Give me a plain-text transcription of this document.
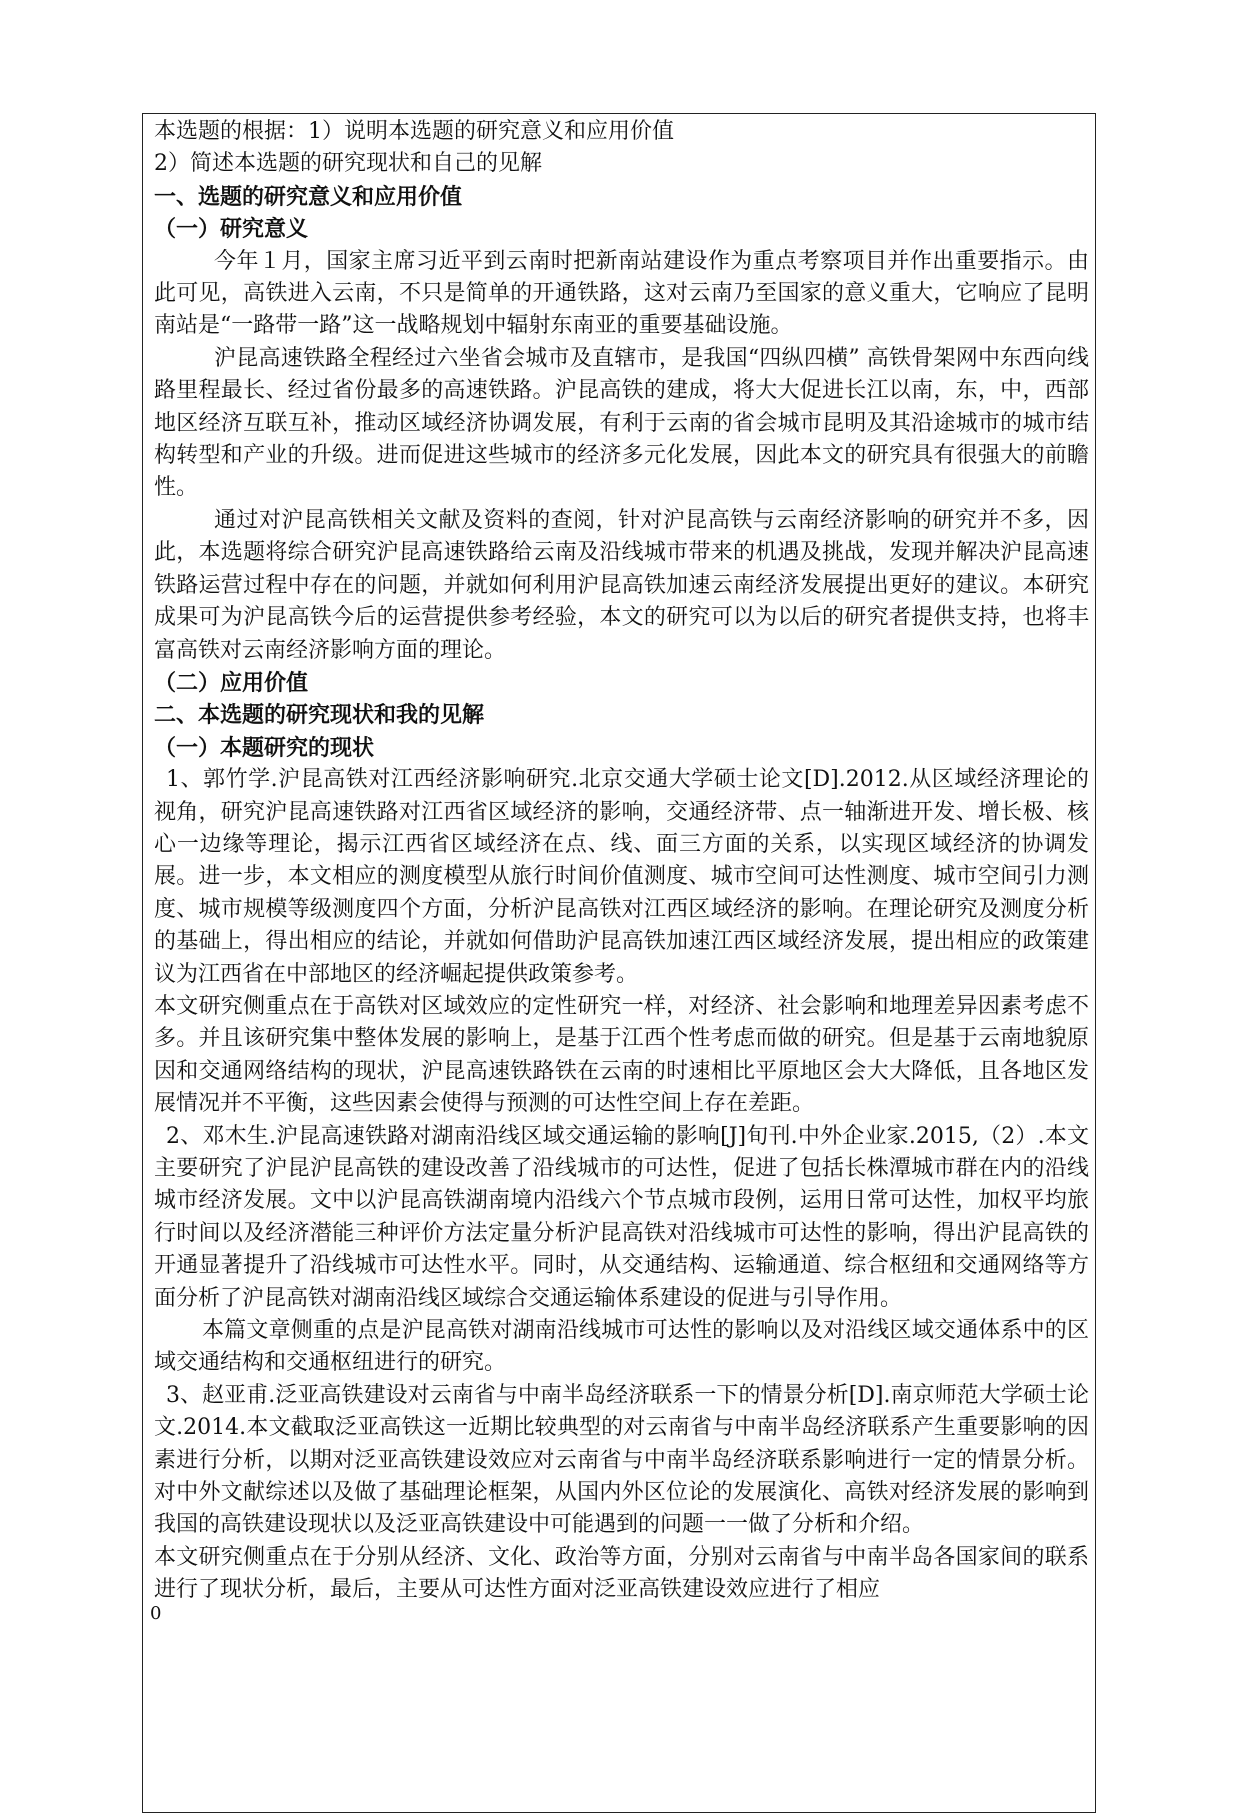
本选题的根据：1）说明本选题的研究意义和应用价值

2）简述本选题的研究现状和自己的见解

一、选题的研究意义和应用价值

（一）研究意义

今年１月，国家主席习近平到云南时把新南站建设作为重点考察项目并作出重要指示。由此可见，高铁进入云南，不只是简单的开通铁路，这对云南乃至国家的意义重大，它响应了昆明南站是“一路带一路”这一战略规划中辐射东南亚的重要基础设施。

沪昆高速铁路全程经过六坐省会城市及直辖市，是我国“四纵四横” 高铁骨架网中东西向线路里程最长、经过省份最多的高速铁路。沪昆高铁的建成，将大大促进长江以南，东，中，西部地区经济互联互补，推动区域经济协调发展，有利于云南的省会城市昆明及其沿途城市的城市结构转型和产业的升级。进而促进这些城市的经济多元化发展，因此本文的研究具有很强大的前瞻性。

通过对沪昆高铁相关文献及资料的查阅，针对沪昆高铁与云南经济影响的研究并不多，因此，本选题将综合研究沪昆高速铁路给云南及沿线城市带来的机遇及挑战，发现并解决沪昆高速铁路运营过程中存在的问题，并就如何利用沪昆高铁加速云南经济发展提出更好的建议。本研究成果可为沪昆高铁今后的运营提供参考经验，本文的研究可以为以后的研究者提供支持，也将丰富高铁对云南经济影响方面的理论。

（二）应用价值

二、本选题的研究现状和我的见解

（一）本题研究的现状

1、郭竹学.沪昆高铁对江西经济影响研究.北京交通大学硕士论文[D].2012.从区域经济理论的视角，研究沪昆高速铁路对江西省区域经济的影响，交通经济带、点一轴渐进开发、增长极、核心一边缘等理论，揭示江西省区域经济在点、线、面三方面的关系，以实现区域经济的协调发展。进一步，本文相应的测度模型从旅行时间价值测度、城市空间可达性测度、城市空间引力测度、城市规模等级测度四个方面，分析沪昆高铁对江西区域经济的影响。在理论研究及测度分析的基础上，得出相应的结论，并就如何借助沪昆高铁加速江西区域经济发展，提出相应的政策建议为江西省在中部地区的经济崛起提供政策参考。

本文研究侧重点在于高铁对区域效应的定性研究一样，对经济、社会影响和地理差异因素考虑不多。并且该研究集中整体发展的影响上，是基于江西个性考虑而做的研究。但是基于云南地貌原因和交通网络结构的现状，沪昆高速铁路铁在云南的时速相比平原地区会大大降低，且各地区发展情况并不平衡，这些因素会使得与预测的可达性空间上存在差距。

2、邓木生.沪昆高速铁路对湖南沿线区域交通运输的影响[J]旬刊.中外企业家.2015,（2）.本文主要研究了沪昆沪昆高铁的建设改善了沿线城市的可达性，促进了包括长株潭城市群在内的沿线城市经济发展。文中以沪昆高铁湖南境内沿线六个节点城市段例，运用日常可达性，加权平均旅行时间以及经济潜能三种评价方法定量分析沪昆高铁对沿线城市可达性的影响，得出沪昆高铁的开通显著提升了沿线城市可达性水平。同时，从交通结构、运输通道、综合枢纽和交通网络等方面分析了沪昆高铁对湖南沿线区域综合交通运输体系建设的促进与引导作用。

本篇文章侧重的点是沪昆高铁对湖南沿线城市可达性的影响以及对沿线区域交通体系中的区域交通结构和交通枢纽进行的研究。

3、赵亚甫.泛亚高铁建设对云南省与中南半岛经济联系一下的情景分析[D].南京师范大学硕士论文.2014.本文截取泛亚高铁这一近期比较典型的对云南省与中南半岛经济联系产生重要影响的因素进行分析，以期对泛亚高铁建设效应对云南省与中南半岛经济联系影响进行一定的情景分析。对中外文献综述以及做了基础理论框架，从国内外区位论的发展演化、高铁对经济发展的影响到我国的高铁建设现状以及泛亚高铁建设中可能遇到的问题一一做了分析和介绍。

本文研究侧重点在于分别从经济、文化、政治等方面，分别对云南省与中南半岛各国家间的联系进行了现状分析，最后，主要从可达性方面对泛亚高铁建设效应进行了相应

0
